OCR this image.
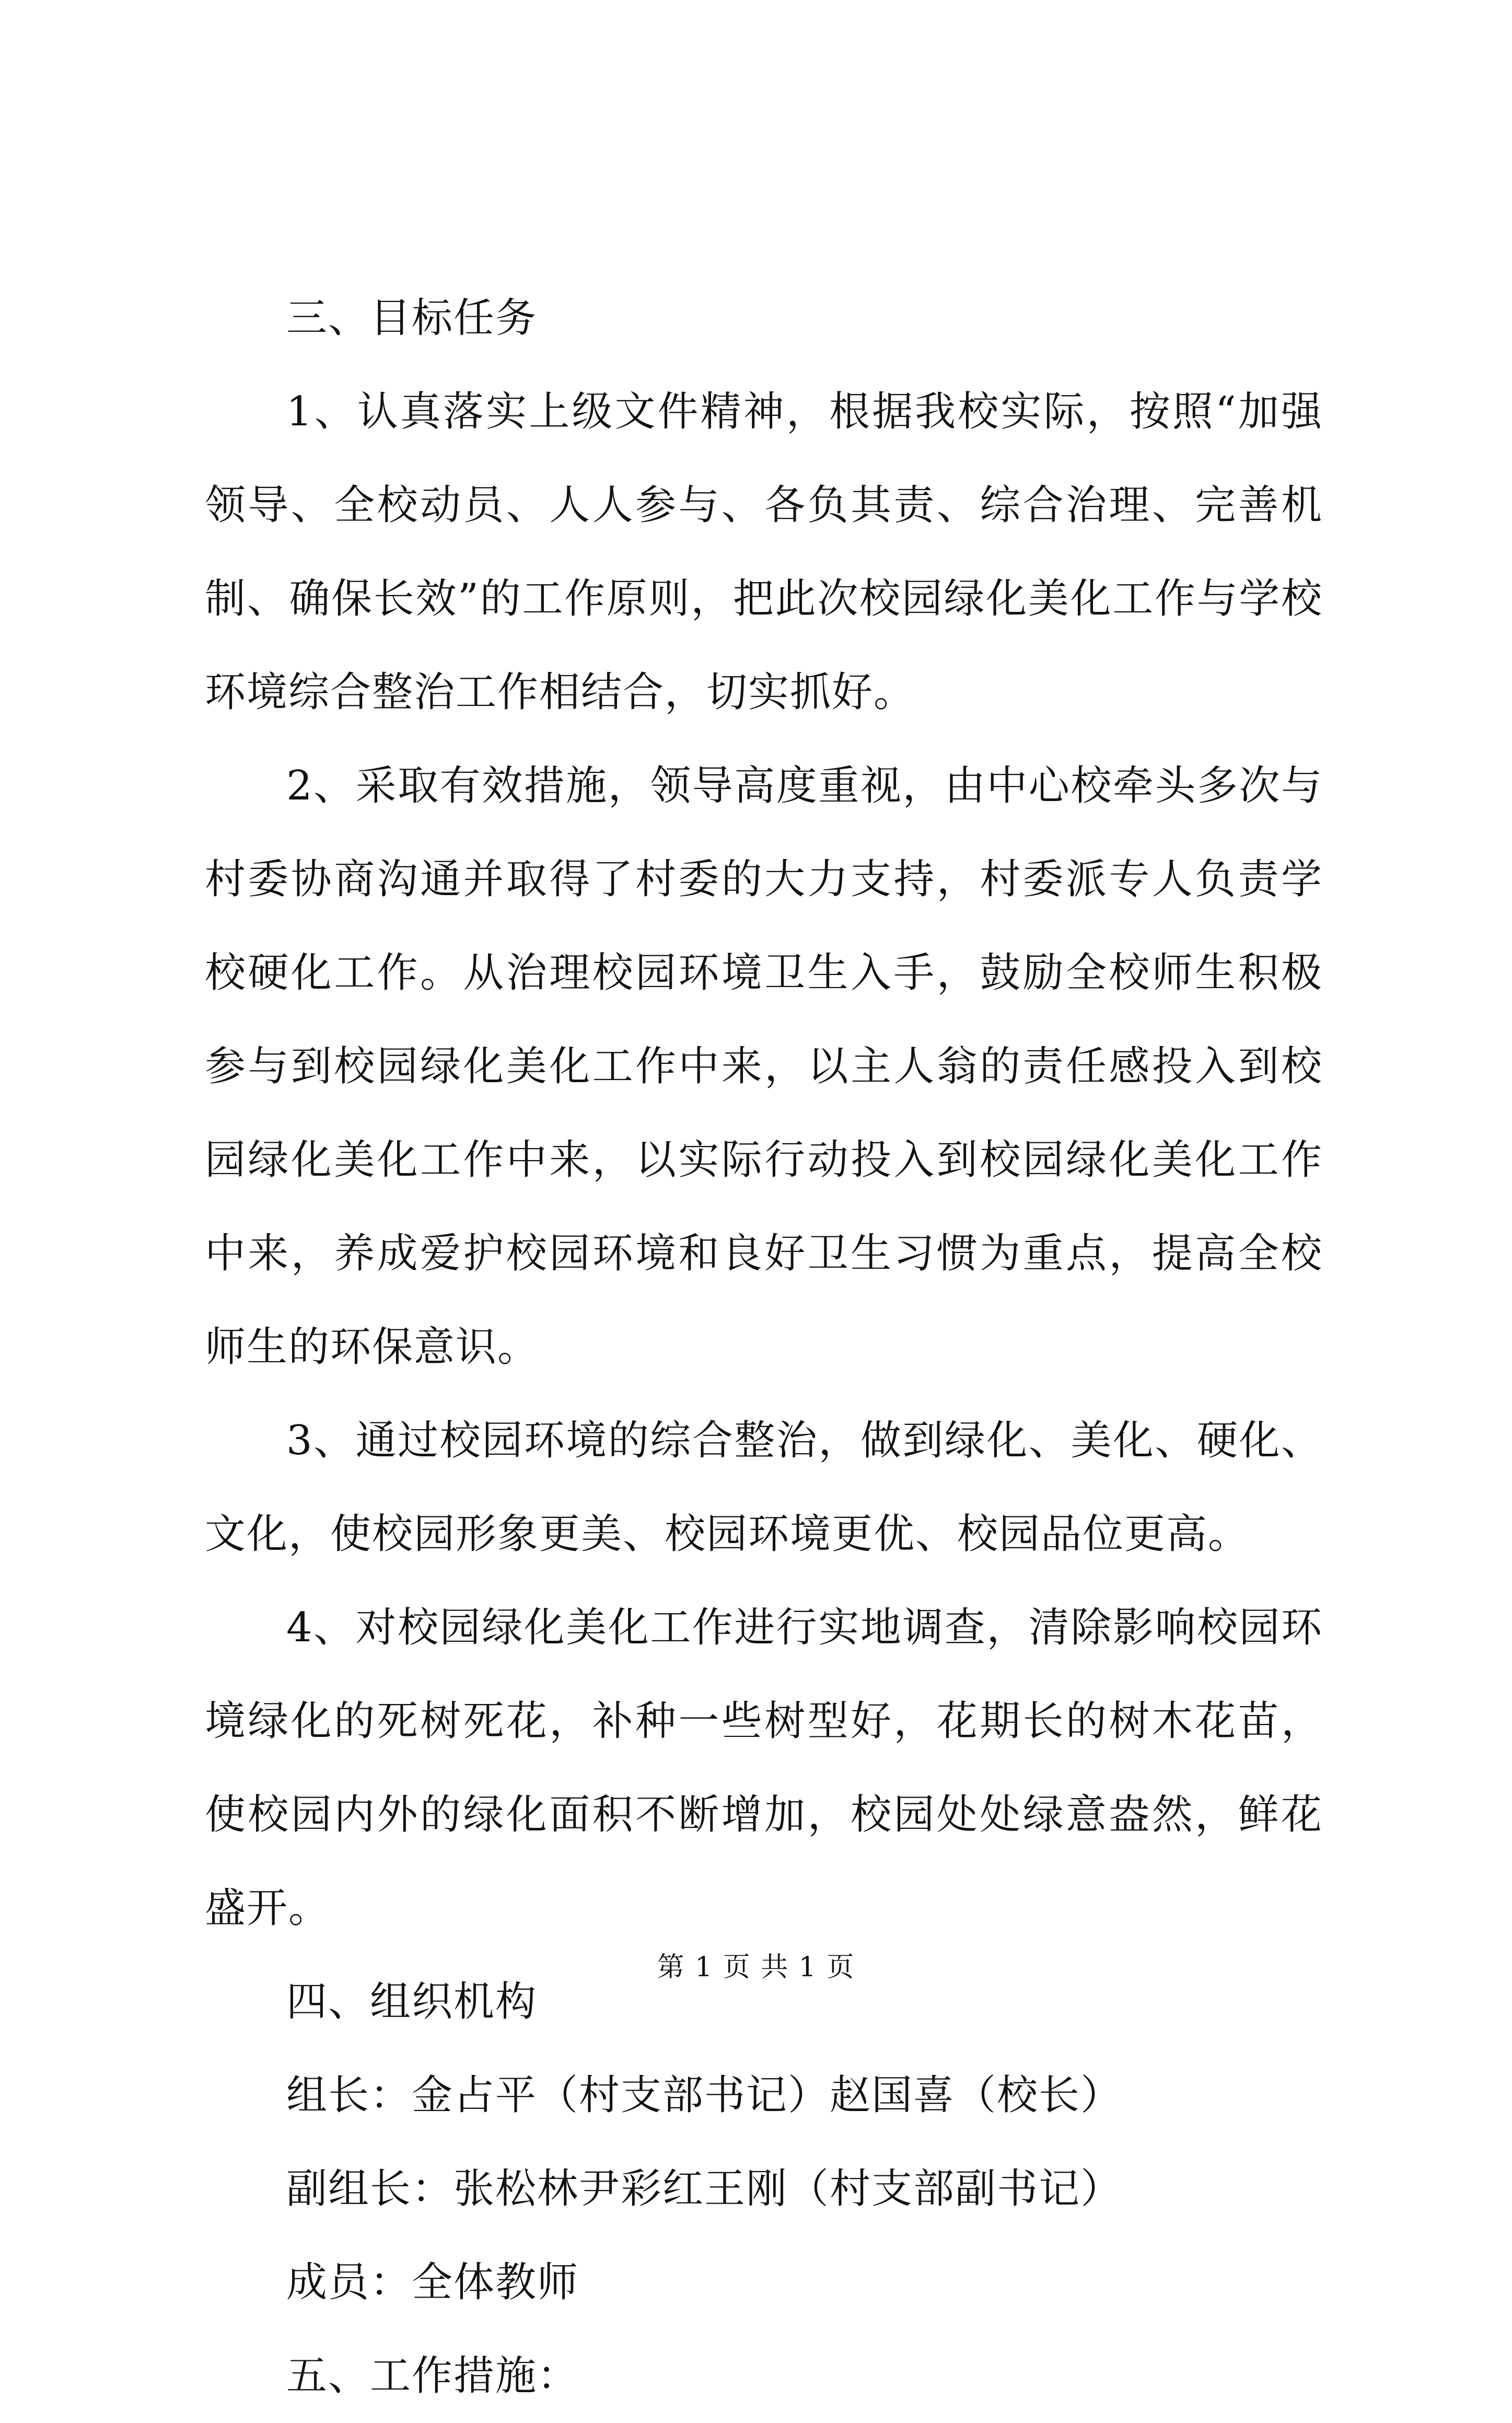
三、目标任务

1、认真落实上级文件精神，根据我校实际，按照“加强领导、全校动员、人人参与、各负其责、综合治理、完善机制、确保长效”的工作原则，把此次校园绿化美化工作与学校环境综合整治工作相结合，切实抓好。

2、采取有效措施，领导高度重视，由中心校牵头多次与村委协商沟通并取得了村委的大力支持，村委派专人负责学校硬化工作。从治理校园环境卫生入手，鼓励全校师生积极参与到校园绿化美化工作中来，以主人翁的责任感投入到校园绿化美化工作中来，以实际行动投入到校园绿化美化工作中来，养成爱护校园环境和良好卫生习惯为重点，提高全校师生的环保意识。

3、通过校园环境的综合整治，做到绿化、美化、硬化、文化，使校园形象更美、校园环境更优、校园品位更高。

4、对校园绿化美化工作进行实地调查，清除影响校园环境绿化的死树死花，补种一些树型好，花期长的树木花苗，使校园内外的绿化面积不断增加，校园处处绿意盎然，鲜花盛开。

四、组织机构

组长：金占平（村支部书记）赵国喜（校长）

副组长：张松林尹彩红王刚（村支部副书记）

成员：全体教师

五、工作措施：

第 1 页 共 1 页
